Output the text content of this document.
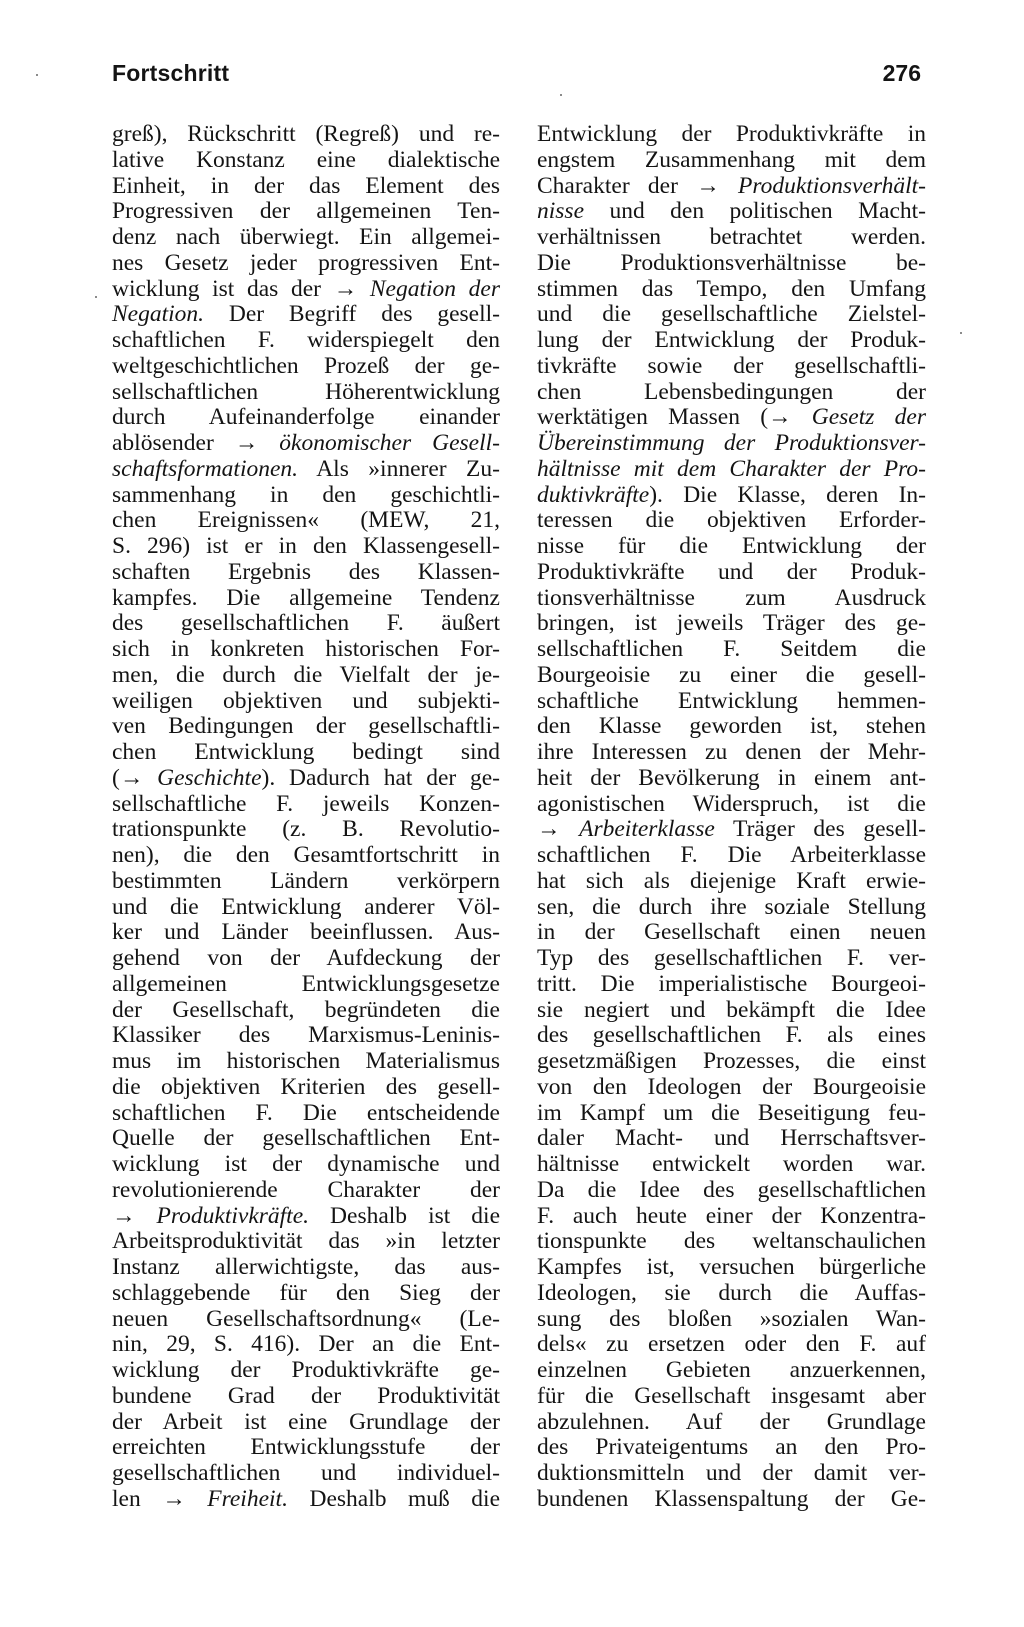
Fortschritt	276
greß), Rückschritt (Regreß) und re-
lative Konstanz eine dialektische
Einheit, in der das Element des
Progressiven der allgemeinen Ten-
denz nach überwiegt. Ein allgemei-
nes Gesetz jeder progressiven Ent-
wicklung ist das der → Negation der
Negation. Der Begriff des gesell-
schaftlichen F. widerspiegelt den
weltgeschichtlichen Prozeß der ge-
sellschaftlichen Höherentwicklung
durch Aufeinanderfolge einander
ablösender → ökonomischer Gesell-
schaftsformationen. Als »innerer Zu-
sammenhang in den geschichtli-
chen Ereignissen« (MEW, 21,
S. 296) ist er in den Klassengesell-
schaften Ergebnis des Klassen-
kampfes. Die allgemeine Tendenz
des gesellschaftlichen F. äußert
sich in konkreten historischen For-
men, die durch die Vielfalt der je-
weiligen objektiven und subjekti-
ven Bedingungen der gesellschaftli-
chen Entwicklung bedingt sind
(→ Geschichte). Dadurch hat der ge-
sellschaftliche F. jeweils Konzen-
trationspunkte (z. B. Revolutio-
nen), die den Gesamtfortschritt in
bestimmten Ländern verkörpern
und die Entwicklung anderer Völ-
ker und Länder beeinflussen. Aus-
gehend von der Aufdeckung der
allgemeinen Entwicklungsgesetze
der Gesellschaft, begründeten die
Klassiker des Marxismus-Leninis-
mus im historischen Materialismus
die objektiven Kriterien des gesell-
schaftlichen F. Die entscheidende
Quelle der gesellschaftlichen Ent-
wicklung ist der dynamische und
revolutionierende Charakter der
→ Produktivkräfte. Deshalb ist die
Arbeitsproduktivität das »in letzter
Instanz allerwichtigste, das aus-
schlaggebende für den Sieg der
neuen Gesellschaftsordnung« (Le-
nin, 29, S. 416). Der an die Ent-
wicklung der Produktivkräfte ge-
bundene Grad der Produktivität
der Arbeit ist eine Grundlage der
erreichten Entwicklungsstufe der
gesellschaftlichen und individuel-
len → Freiheit. Deshalb muß die
Entwicklung der Produktivkräfte in
engstem Zusammenhang mit dem
Charakter der → Produktionsverhält-
nisse und den politischen Macht-
verhältnissen betrachtet werden.
Die Produktionsverhältnisse be-
stimmen das Tempo, den Umfang
und die gesellschaftliche Zielstel-
lung der Entwicklung der Produk-
tivkräfte sowie der gesellschaftli-
chen Lebensbedingungen der
werktätigen Massen (→ Gesetz der
Übereinstimmung der Produktionsver-
hältnisse mit dem Charakter der Pro-
duktivkräfte). Die Klasse, deren In-
teressen die objektiven Erforder-
nisse für die Entwicklung der
Produktivkräfte und der Produk-
tionsverhältnisse zum Ausdruck
bringen, ist jeweils Träger des ge-
sellschaftlichen F. Seitdem die
Bourgeoisie zu einer die gesell-
schaftliche Entwicklung hemmen-
den Klasse geworden ist, stehen
ihre Interessen zu denen der Mehr-
heit der Bevölkerung in einem ant-
agonistischen Widerspruch, ist die
→ Arbeiterklasse Träger des gesell-
schaftlichen F. Die Arbeiterklasse
hat sich als diejenige Kraft erwie-
sen, die durch ihre soziale Stellung
in der Gesellschaft einen neuen
Typ des gesellschaftlichen F. ver-
tritt. Die imperialistische Bourgeoi-
sie negiert und bekämpft die Idee
des gesellschaftlichen F. als eines
gesetzmäßigen Prozesses, die einst
von den Ideologen der Bourgeoisie
im Kampf um die Beseitigung feu-
daler Macht- und Herrschaftsver-
hältnisse entwickelt worden war.
Da die Idee des gesellschaftlichen
F. auch heute einer der Konzentra-
tionspunkte des weltanschaulichen
Kampfes ist, versuchen bürgerliche
Ideologen, sie durch die Auffas-
sung des bloßen »sozialen Wan-
dels« zu ersetzen oder den F. auf
einzelnen Gebieten anzuerkennen,
für die Gesellschaft insgesamt aber
abzulehnen. Auf der Grundlage
des Privateigentums an den Pro-
duktionsmitteln und der damit ver-
bundenen Klassenspaltung der Ge-
